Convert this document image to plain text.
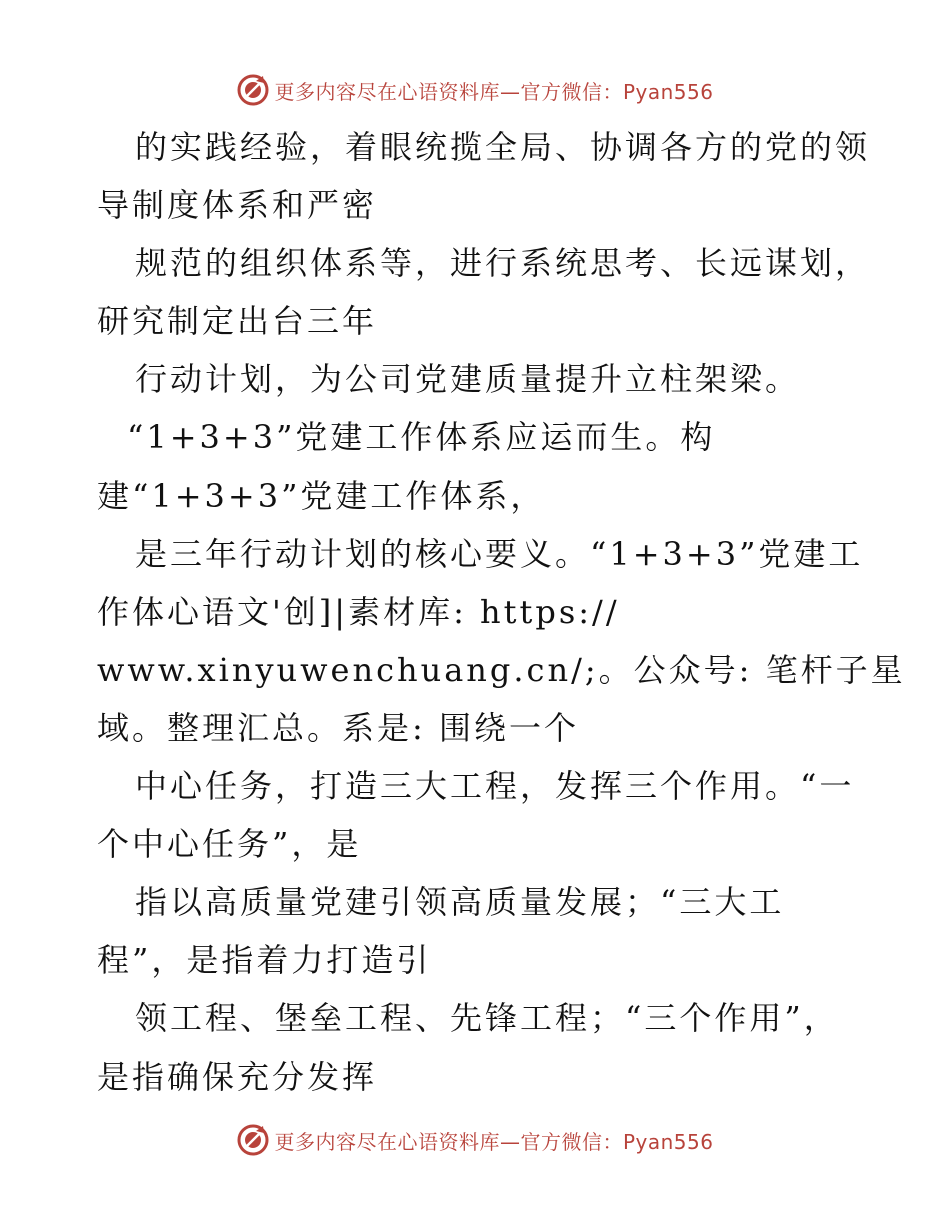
更多内容尽在心语资料库—官方微信：Pyan556
的实践经验，着眼统揽全局、协调各方的党的领
导制度体系和严密
规范的组织体系等，进行系统思考、长远谋划，
研究制定出台三年
行动计划，为公司党建质量提升立柱架梁。
“1+3+3”党建工作体系应运而生。构
建“1+3+3”党建工作体系，
是三年行动计划的核心要义。“1+3+3”党建工
作体心语文'创]|素材库: https://
www.xinyuwenchuang.cn/;。公众号: 笔杆子星
域。整理汇总。系是: 围绕一个
中心任务，打造三大工程，发挥三个作用。“一
个中心任务”，是
指以高质量党建引领高质量发展；“三大工
程”，是指着力打造引
领工程、堡垒工程、先锋工程；“三个作用”，
是指确保充分发挥
更多内容尽在心语资料库—官方微信：Pyan556
